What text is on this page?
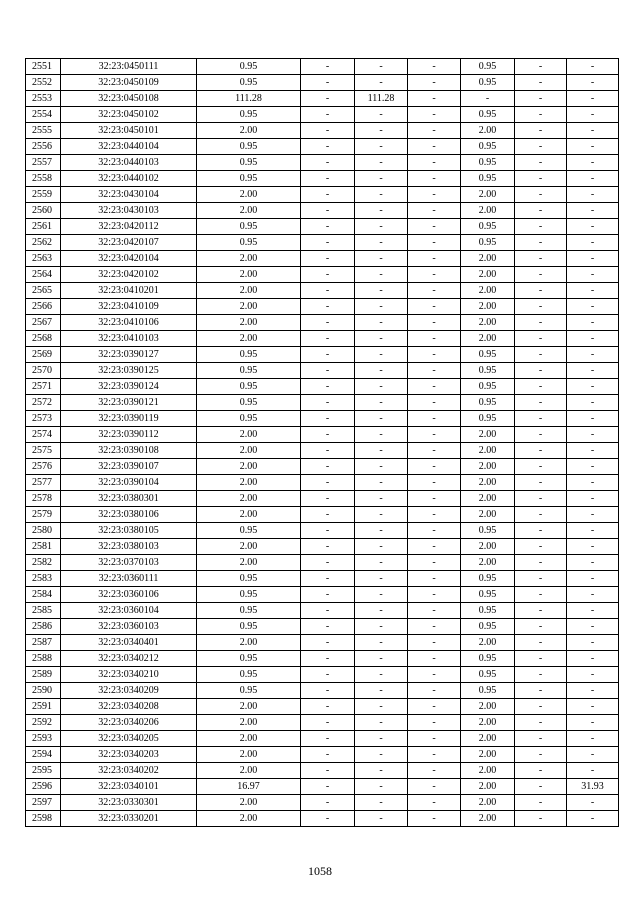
2551	32:23:0450111	0.95	-	-	-	0.95	-	-
2552	32:23:0450109	0.95	-	-	-	0.95	-	-
2553	32:23:0450108	111.28	-	111.28	-	-	-	-
2554	32:23:0450102	0.95	-	-	-	0.95	-	-
2555	32:23:0450101	2.00	-	-	-	2.00	-	-
2556	32:23:0440104	0.95	-	-	-	0.95	-	-
2557	32:23:0440103	0.95	-	-	-	0.95	-	-
2558	32:23:0440102	0.95	-	-	-	0.95	-	-
2559	32:23:0430104	2.00	-	-	-	2.00	-	-
2560	32:23:0430103	2.00	-	-	-	2.00	-	-
2561	32:23:0420112	0.95	-	-	-	0.95	-	-
2562	32:23:0420107	0.95	-	-	-	0.95	-	-
2563	32:23:0420104	2.00	-	-	-	2.00	-	-
2564	32:23:0420102	2.00	-	-	-	2.00	-	-
2565	32:23:0410201	2.00	-	-	-	2.00	-	-
2566	32:23:0410109	2.00	-	-	-	2.00	-	-
2567	32:23:0410106	2.00	-	-	-	2.00	-	-
2568	32:23:0410103	2.00	-	-	-	2.00	-	-
2569	32:23:0390127	0.95	-	-	-	0.95	-	-
2570	32:23:0390125	0.95	-	-	-	0.95	-	-
2571	32:23:0390124	0.95	-	-	-	0.95	-	-
2572	32:23:0390121	0.95	-	-	-	0.95	-	-
2573	32:23:0390119	0.95	-	-	-	0.95	-	-
2574	32:23:0390112	2.00	-	-	-	2.00	-	-
2575	32:23:0390108	2.00	-	-	-	2.00	-	-
2576	32:23:0390107	2.00	-	-	-	2.00	-	-
2577	32:23:0390104	2.00	-	-	-	2.00	-	-
2578	32:23:0380301	2.00	-	-	-	2.00	-	-
2579	32:23:0380106	2.00	-	-	-	2.00	-	-
2580	32:23:0380105	0.95	-	-	-	0.95	-	-
2581	32:23:0380103	2.00	-	-	-	2.00	-	-
2582	32:23:0370103	2.00	-	-	-	2.00	-	-
2583	32:23:0360111	0.95	-	-	-	0.95	-	-
2584	32:23:0360106	0.95	-	-	-	0.95	-	-
2585	32:23:0360104	0.95	-	-	-	0.95	-	-
2586	32:23:0360103	0.95	-	-	-	0.95	-	-
2587	32:23:0340401	2.00	-	-	-	2.00	-	-
2588	32:23:0340212	0.95	-	-	-	0.95	-	-
2589	32:23:0340210	0.95	-	-	-	0.95	-	-
2590	32:23:0340209	0.95	-	-	-	0.95	-	-
2591	32:23:0340208	2.00	-	-	-	2.00	-	-
2592	32:23:0340206	2.00	-	-	-	2.00	-	-
2593	32:23:0340205	2.00	-	-	-	2.00	-	-
2594	32:23:0340203	2.00	-	-	-	2.00	-	-
2595	32:23:0340202	2.00	-	-	-	2.00	-	-
2596	32:23:0340101	16.97	-	-	-	2.00	-	31.93
2597	32:23:0330301	2.00	-	-	-	2.00	-	-
2598	32:23:0330201	2.00	-	-	-	2.00	-	-
1058
